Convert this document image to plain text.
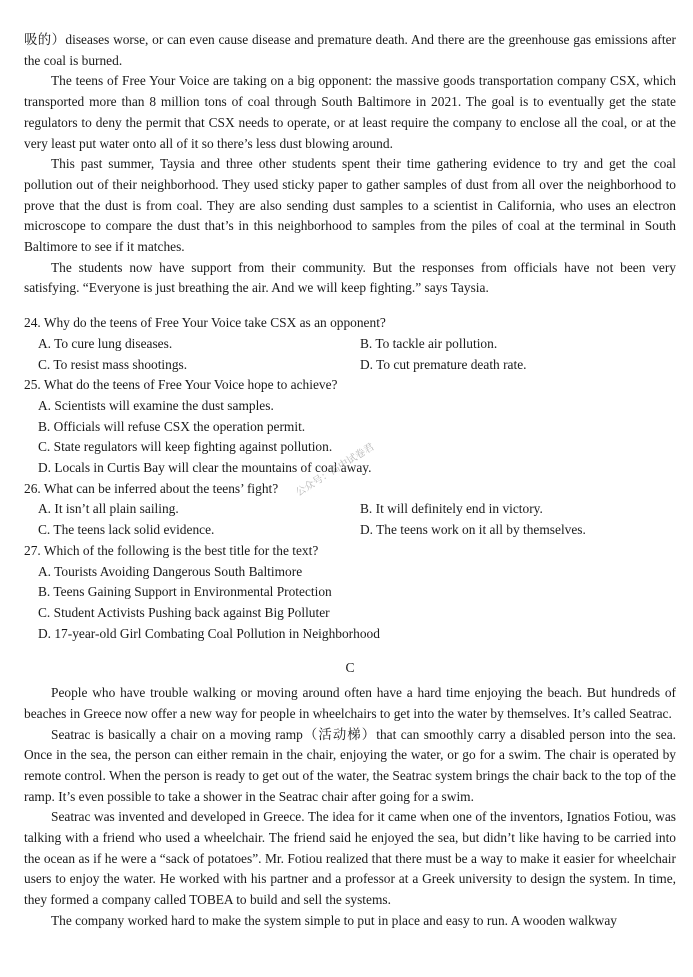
吸的）diseases worse, or can even cause disease and premature death. And there are the greenhouse gas emissions after the coal is burned.

The teens of Free Your Voice are taking on a big opponent: the massive goods transportation company CSX, which transported more than 8 million tons of coal through South Baltimore in 2021. The goal is to eventually get the state regulators to deny the permit that CSX needs to operate, or at least require the company to enclose all the coal, or at the very least put water onto all of it so there’s less dust blowing around.

This past summer, Taysia and three other students spent their time gathering evidence to try and get the coal pollution out of their neighborhood. They used sticky paper to gather samples of dust from all over the neighborhood to prove that the dust is from coal. They are also sending dust samples to a scientist in California, who uses an electron microscope to compare the dust that’s in this neighborhood to samples from the piles of coal at the terminal in South Baltimore to see if it matches.

The students now have support from their community. But the responses from officials have not been very satisfying. “Everyone is just breathing the air. And we will keep fighting.” says Taysia.

24. Why do the teens of Free Your Voice take CSX as an opponent?

A. To cure lung diseases.	B. To tackle air pollution.
C. To resist mass shootings.	D. To cut premature death rate.

25. What do the teens of Free Your Voice hope to achieve?

A. Scientists will examine the dust samples.
B. Officials will refuse CSX the operation permit.
C. State regulators will keep fighting against pollution.
D. Locals in Curtis Bay will clear the mountains of coal away.

26. What can be inferred about the teens’ fight?

A. It isn’t all plain sailing.	B. It will definitely end in victory.
C. The teens lack solid evidence.	D. The teens work on it all by themselves.

27. Which of the following is the best title for the text?

A. Tourists Avoiding Dangerous South Baltimore
B. Teens Gaining Support in Environmental Protection
C. Student Activists Pushing back against Big Polluter
D. 17-year-old Girl Combating Coal Pollution in Neighborhood
C

People who have trouble walking or moving around often have a hard time enjoying the beach. But hundreds of beaches in Greece now offer a new way for people in wheelchairs to get into the water by themselves. It’s called Seatrac.

Seatrac is basically a chair on a moving ramp（活动梯）that can smoothly carry a disabled person into the sea. Once in the sea, the person can either remain in the chair, enjoying the water, or go for a swim. The chair is operated by remote control. When the person is ready to get out of the water, the Seatrac system brings the chair back to the top of the ramp. It’s even possible to take a shower in the Seatrac chair after going for a swim.

Seatrac was invented and developed in Greece. The idea for it came when one of the inventors, Ignatios Fotiou, was talking with a friend who used a wheelchair. The friend said he enjoyed the sea, but didn’t like having to be carried into the ocean as if he were a “sack of potatoes”. Mr. Fotiou realized that there must be a way to make it easier for wheelchair users to enjoy the water. He worked with his partner and a professor at a Greek university to design the system. In time, they formed a company called TOBEA to build and sell the systems.

The company worked hard to make the system simple to put in place and easy to run. A wooden walkway

公众号：高中试卷君
